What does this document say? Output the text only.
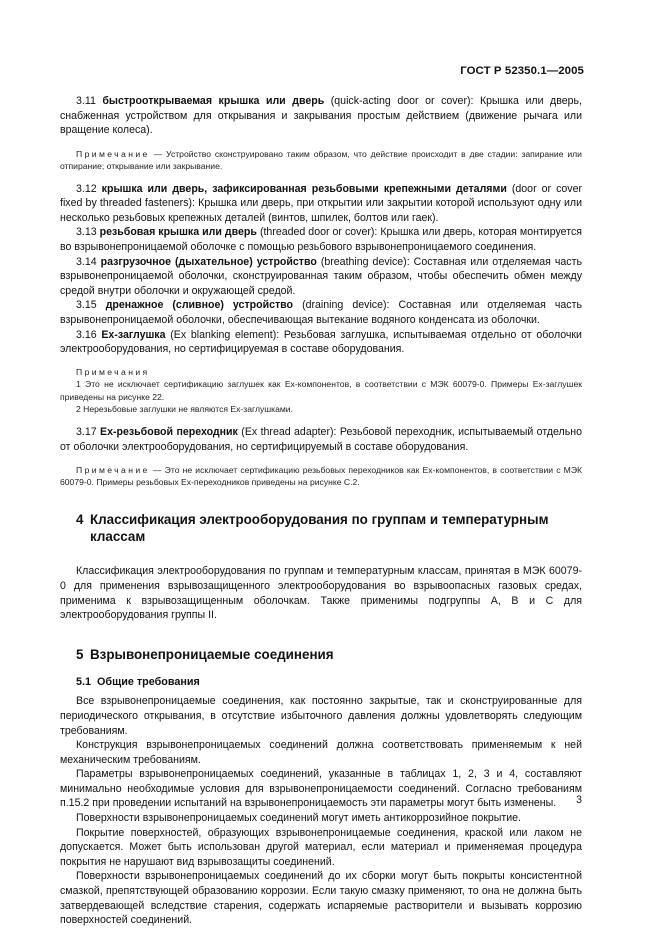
ГОСТ Р 52350.1—2005

3.11 быстрооткрываемая крышка или дверь (quick-acting door or cover): Крышка или дверь, снабженная устройством для открывания и закрывания простым действием (движение рычага или вращение колеса).

Примечание — Устройство сконструировано таким образом, что действие происходит в две стадии: запирание или отпирание; открывание или закрывание.

3.12 крышка или дверь, зафиксированная резьбовыми крепежными деталями (door or cover fixed by threaded fasteners): Крышка или дверь, при открытии или закрытии которой используют одну или несколько резьбовых крепежных деталей (винтов, шпилек, болтов или гаек).

3.13 резьбовая крышка или дверь (threaded door or cover): Крышка или дверь, которая монтируется во взрывонепроницаемой оболочке с помощью резьбового взрывонепроницаемого соединения.

3.14 разгрузочное (дыхательное) устройство (breathing device): Составная или отделяемая часть взрывонепроницаемой оболочки, сконструированная таким образом, чтобы обеспечить обмен между средой внутри оболочки и окружающей средой.

3.15 дренажное (сливное) устройство (draining device): Составная или отделяемая часть взрывонепроницаемой оболочки, обеспечивающая вытекание водяного конденсата из оболочки.

3.16 Ex-заглушка (Ex blanking element): Резьбовая заглушка, испытываемая отдельно от оболочки электрооборудования, но сертифицируемая в составе оборудования.

Примечания

1 Это не исключает сертификацию заглушек как Ex-компонентов, в соответствии с МЭК 60079-0. Примеры Ex-заглушек приведены на рисунке 22.

2 Нерезьбовые заглушки не являются Ex-заглушками.

3.17 Ex-резьбовой переходник (Ex thread adapter): Резьбовой переходник, испытываемый отдельно от оболочки электрооборудования, но сертифицируемый в составе оборудования.

Примечание — Это не исключает сертификацию резьбовых переходников как Ex-компонентов, в соответствии с МЭК 60079-0. Примеры резьбовых Ex-переходников приведены на рисунке С.2.

4 Классификация электрооборудования по группам и температурным классам

Классификация электрооборудования по группам и температурным классам, принятая в МЭК 60079-0 для применения взрывозащищенного электрооборудования во взрывоопасных газовых средах, применима к взрывозащищенным оболочкам. Также применимы подгруппы А, В и С для электрооборудования группы II.

5 Взрывонепроницаемые соединения

5.1 Общие требования

Все взрывонепроницаемые соединения, как постоянно закрытые, так и сконструированные для периодического открывания, в отсутствие избыточного давления должны удовлетворять следующим требованиям.

Конструкция взрывонепроницаемых соединений должна соответствовать применяемым к ней механическим требованиям.

Параметры взрывонепроницаемых соединений, указанные в таблицах 1, 2, 3 и 4, составляют минимально необходимые условия для взрывонепроницаемости соединений. Согласно требованиям п.15.2 при проведении испытаний на взрывонепроницаемость эти параметры могут быть изменены.

Поверхности взрывонепроницаемых соединений могут иметь антикоррозийное покрытие.

Покрытие поверхностей, образующих взрывонепроницаемые соединения, краской или лаком не допускается. Может быть использован другой материал, если материал и применяемая процедура покрытия не нарушают вид взрывозащиты соединений.

Поверхности взрывонепроницаемых соединений до их сборки могут быть покрыты консистентной смазкой, препятствующей образованию коррозии. Если такую смазку применяют, то она не должна быть затвердевающей вследствие старения, содержать испаряемые растворители и вызывать коррозию поверхностей соединений.

3
